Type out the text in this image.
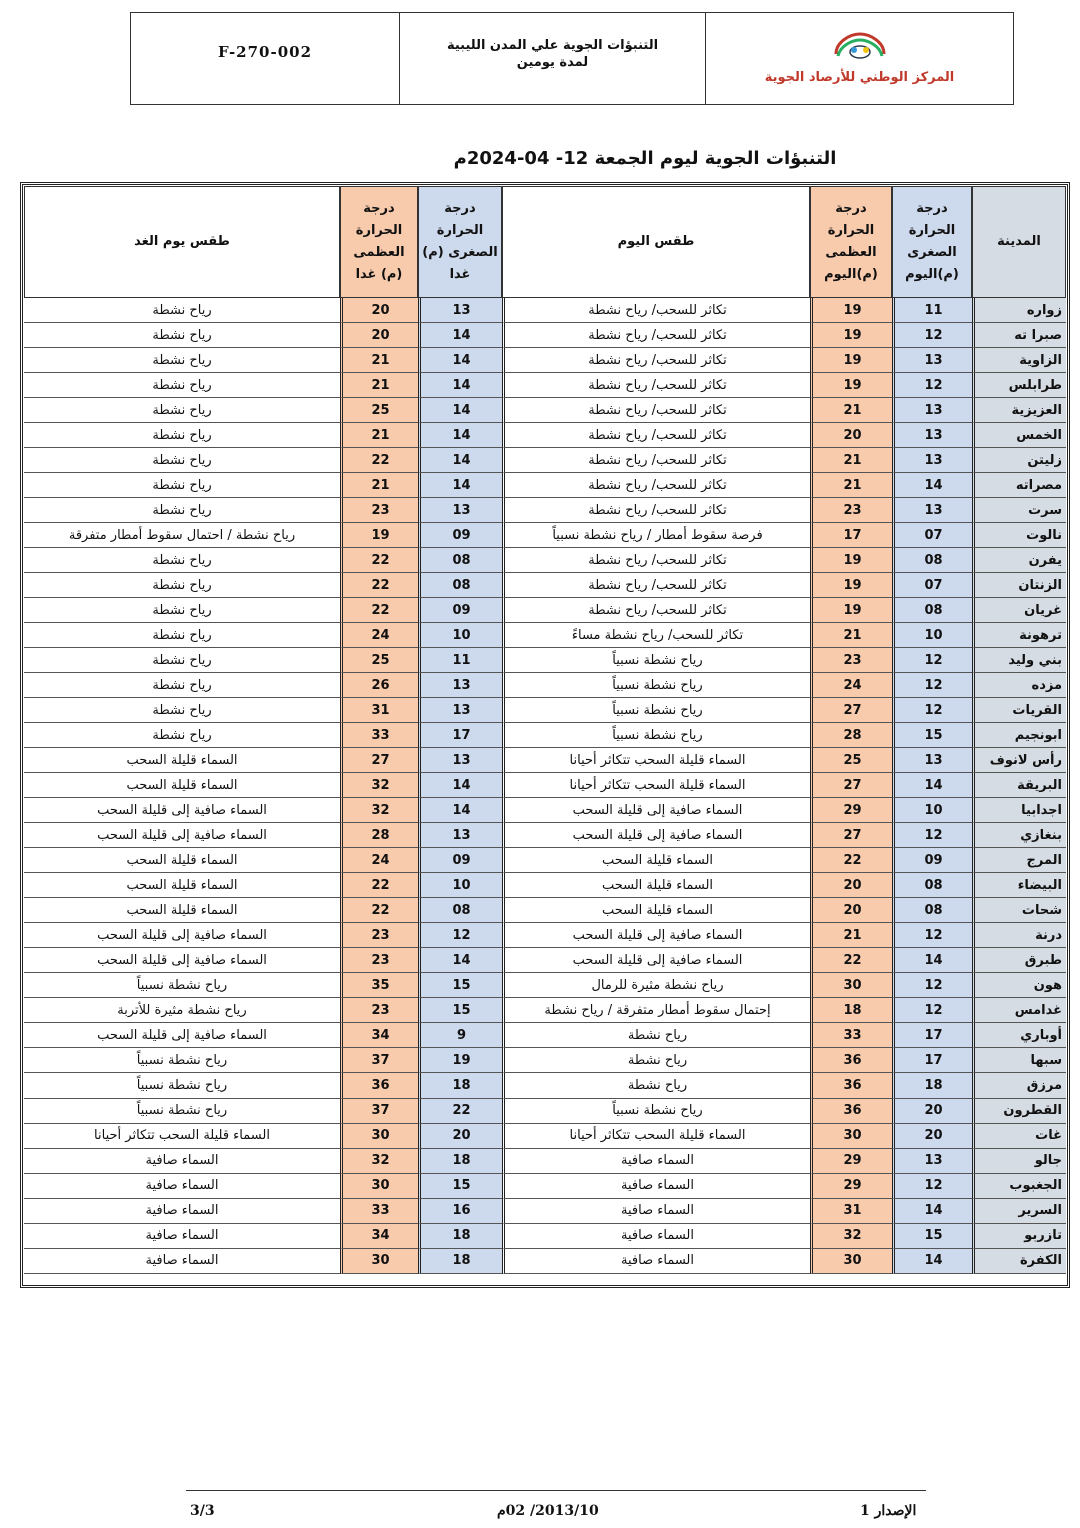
F-270-002	التنبؤات الجوية علي المدن الليبية
لمدة يومين
المركز الوطني للأرصاد الجوية
التنبؤات الجوية ليوم الجمعة 12- 04-2024م
المدينة	درجة الحرارة الصغرى (م)اليوم	درجة الحرارة العظمى (م)اليوم	طقس اليوم	درجة الحرارة الصغرى (م) غدا	درجة الحرارة العظمى (م) غدا	طقس يوم الغد
زواره	11	19	تكاثر للسحب/ رياح نشطة	13	20	رياح نشطة
صبرا ته	12	19	تكاثر للسحب/ رياح نشطة	14	20	رياح نشطة
الزاوية	13	19	تكاثر للسحب/ رياح نشطة	14	21	رياح نشطة
طرابلس	12	19	تكاثر للسحب/ رياح نشطة	14	21	رياح نشطة
العزيزية	13	21	تكاثر للسحب/ رياح نشطة	14	25	رياح نشطة
الخمس	13	20	تكاثر للسحب/ رياح نشطة	14	21	رياح نشطة
زليتن	13	21	تكاثر للسحب/ رياح نشطة	14	22	رياح نشطة
مصراته	14	21	تكاثر للسحب/ رياح نشطة	14	21	رياح نشطة
سرت	13	23	تكاثر للسحب/ رياح نشطة	13	23	رياح نشطة
نالوت	07	17	فرصة سقوط أمطار / رياح نشطة نسبياً	09	19	رياح نشطة / احتمال سقوط أمطار متفرقة
يفرن	08	19	تكاثر للسحب/ رياح نشطة	08	22	رياح نشطة
الزنتان	07	19	تكاثر للسحب/ رياح نشطة	08	22	رياح نشطة
غريان	08	19	تكاثر للسحب/ رياح نشطة	09	22	رياح نشطة
ترهونة	10	21	تكاثر للسحب/ رياح نشطة مساءً	10	24	رياح نشطة
بني وليد	12	23	رياح نشطة نسبياً	11	25	رياح نشطة
مزده	12	24	رياح نشطة نسبياً	13	26	رياح نشطة
القريات	12	27	رياح نشطة نسبياً	13	31	رياح نشطة
ابونجيم	15	28	رياح نشطة نسبياً	17	33	رياح نشطة
رأس لانوف	13	25	السماء قليلة السحب تتكاثر أحيانا	13	27	السماء قليلة السحب
البريقة	14	27	السماء قليلة السحب تتكاثر أحيانا	14	32	السماء قليلة السحب
اجدابيا	10	29	السماء صافية إلى قليلة السحب	14	32	السماء صافية إلى قليلة السحب
بنغازي	12	27	السماء صافية إلى قليلة السحب	13	28	السماء صافية إلى قليلة السحب
المرج	09	22	السماء قليلة السحب	09	24	السماء قليلة السحب
البيضاء	08	20	السماء قليلة السحب	10	22	السماء قليلة السحب
شحات	08	20	السماء قليلة السحب	08	22	السماء قليلة السحب
درنة	12	21	السماء صافية إلى قليلة السحب	12	23	السماء صافية إلى قليلة السحب
طبرق	14	22	السماء صافية إلى قليلة السحب	14	23	السماء صافية إلى قليلة السحب
هون	12	30	رياح نشطة مثيرة للرمال	15	35	رياح نشطة نسبياً
غدامس	12	18	إحتمال سقوط أمطار متفرقة / رياح نشطة	15	23	رياح نشطة مثيرة للأتربة
أوباري	17	33	رياح نشطة	9	34	السماء صافية إلى قليلة السحب
سبها	17	36	رياح نشطة	19	37	رياح نشطة نسبياً
مرزق	18	36	رياح نشطة	18	36	رياح نشطة نسبياً
القطرون	20	36	رياح نشطة نسبياً	22	37	رياح نشطة نسبياً
غات	20	30	السماء قليلة السحب تتكاثر أحيانا	20	30	السماء قليلة السحب تتكاثر أحيانا
جالو	13	29	السماء صافية	18	32	السماء صافية
الجغبوب	12	29	السماء صافية	15	30	السماء صافية
السرير	14	31	السماء صافية	16	33	السماء صافية
تازربو	15	32	السماء صافية	18	34	السماء صافية
الكفرة	14	30	السماء صافية	18	30	السماء صافية
3/3	2013/10/ 02م	الإصدار 1
